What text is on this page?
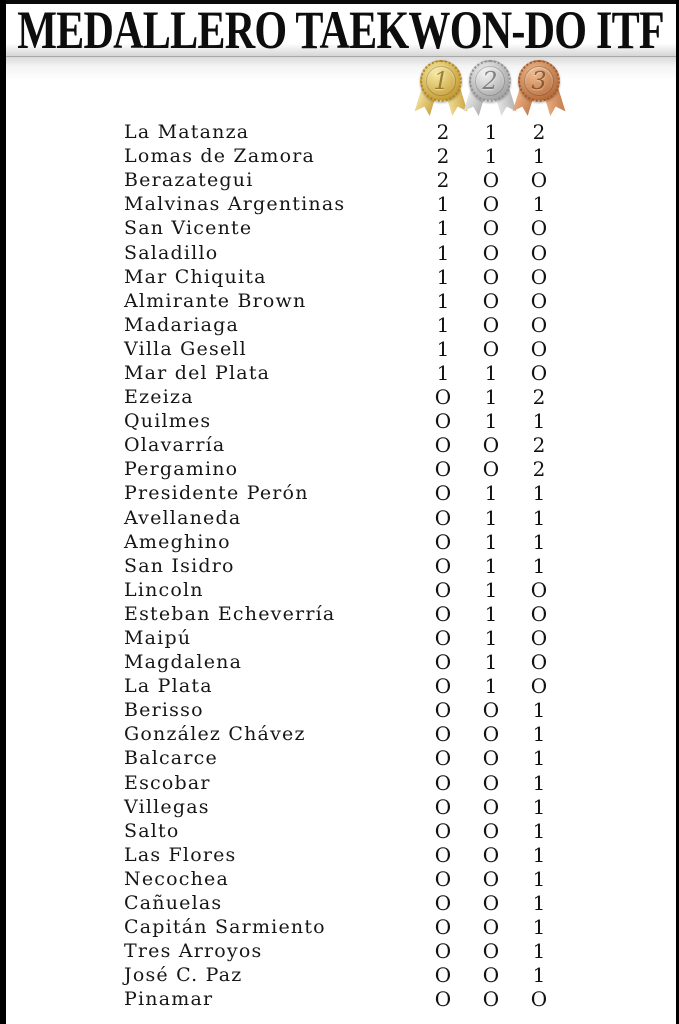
MEDALLERO TAEKWON-DO ITF
1 2 3
La Matanza	2	1	2
Lomas de Zamora	2	1	1
Berazategui	2	O	O
Malvinas Argentinas	1	O	1
San Vicente	1	O	O
Saladillo	1	O	O
Mar Chiquita	1	O	O
Almirante Brown	1	O	O
Madariaga	1	O	O
Villa Gesell	1	O	O
Mar del Plata	1	1	O
Ezeiza	O	1	2
Quilmes	O	1	1
Olavarría	O	O	2
Pergamino	O	O	2
Presidente Perón	O	1	1
Avellaneda	O	1	1
Ameghino	O	1	1
San Isidro	O	1	1
Lincoln	O	1	O
Esteban Echeverría	O	1	O
Maipú	O	1	O
Magdalena	O	1	O
La Plata	O	1	O
Berisso	O	O	1
González Chávez	O	O	1
Balcarce	O	O	1
Escobar	O	O	1
Villegas	O	O	1
Salto	O	O	1
Las Flores	O	O	1
Necochea	O	O	1
Cañuelas	O	O	1
Capitán Sarmiento	O	O	1
Tres Arroyos	O	O	1
José C. Paz	O	O	1
Pinamar	O	O	O
